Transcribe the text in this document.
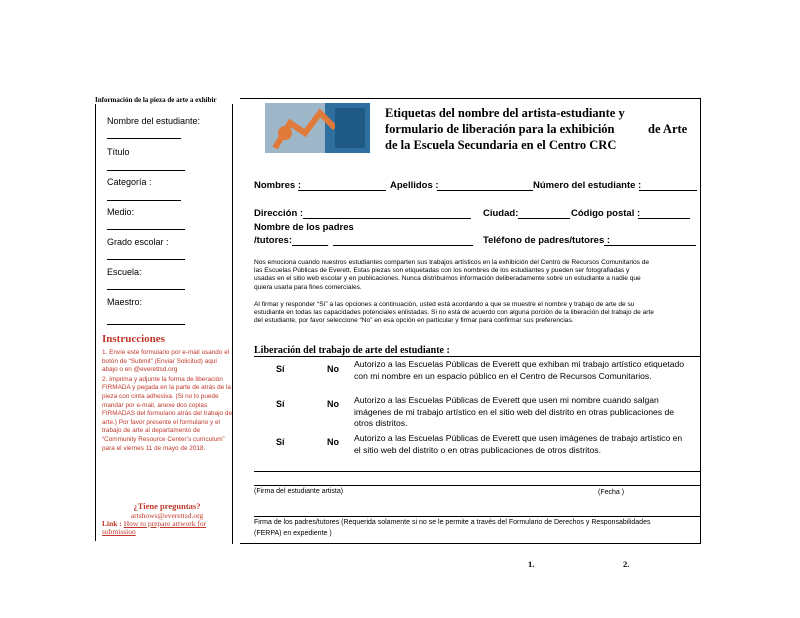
Información de la pieza de arte a exhibir
Nombre del estudiante:
Título
Categoría :
Medio:
Grado escolar :
Escuela:
Maestro:
Instrucciones
1. Envíe este formulario por e-mail usando el botón de “Submit” (Enviar Solicitud) aquí abajo o en @everettsd.org
2. Imprima y adjunte la forma de liberación FIRMADA y pegada en la parte de atrás de la pieza con cinta adhesiva. (Si no lo puede mandar por e-mail, anexe dos copias FIRMADAS del formulario atrás del trabajo de arte.) Por favor presente el formulario y el trabajo de arte al departamento de “Community Resource Center’s curriculum” para el viernes 11 de mayo de 2018.
¿Tiene preguntas?
artshows@everettsd.org
Link : How to prepare artwork for submission
Etiquetas del nombre del artista-estudiante y
formulario de liberación para la exhibición	de Arte
de la Escuela Secundaria en el Centro CRC
Nombres :	Apellidos :	Número del estudiante :
Dirección :	Ciudad:	Código postal :
Nombre de los padres
/tutores:	Teléfono de padres/tutores :
Nos emociona cuando nuestros estudiantes comparten sus trabajos artísticos en la exhibición del Centro de Recursos Comunitarios de las Escuelas Públicas de Everett. Estas piezas son etiquetadas con los nombres de los estudiantes y pueden ser fotografiadas y usadas en el sitio web escolar y en publicaciones. Nunca distribuimos información deliberadamente sobre un estudiante a nadie que quiera usarla para fines comerciales.
Al firmar y responder “Sí” a las opciones a continuación, usted está acordando a que se muestre el nombre y trabajo de arte de su estudiante en todas las capacidades potenciales enlistadas. Si no está de acuerdo con alguna porción de la liberación del trabajo de arte del estudiante, por favor seleccione “No” en esa opción en particular y firmar para confirmar sus preferencias.
Liberación del trabajo de arte del estudiante :
Sí	No Autorizo a las Escuelas Públicas de Everett que exhiban mi trabajo artístico etiquetado con mi nombre en un espacio público en el Centro de Recursos Comunitarios.
Sí	No Autorizo a las Escuelas Públicas de Everett que usen mi nombre cuando salgan imágenes de mi trabajo artístico en el sitio web del distrito en otras publicaciones de otros distritos.
Sí	No Autorizo a las Escuelas Públicas de Everett que usen imágenes de trabajo artístico en el sitio web del distrito o en otras publicaciones de otros distritos.
(Firma del estudiante artista)	(Fecha )
Firma de los padres/tutores (Requerida solamente si no se le permite a través del Formulario de Derechos y Responsabilidades
(FERPA) en expediente )
1.	2.
